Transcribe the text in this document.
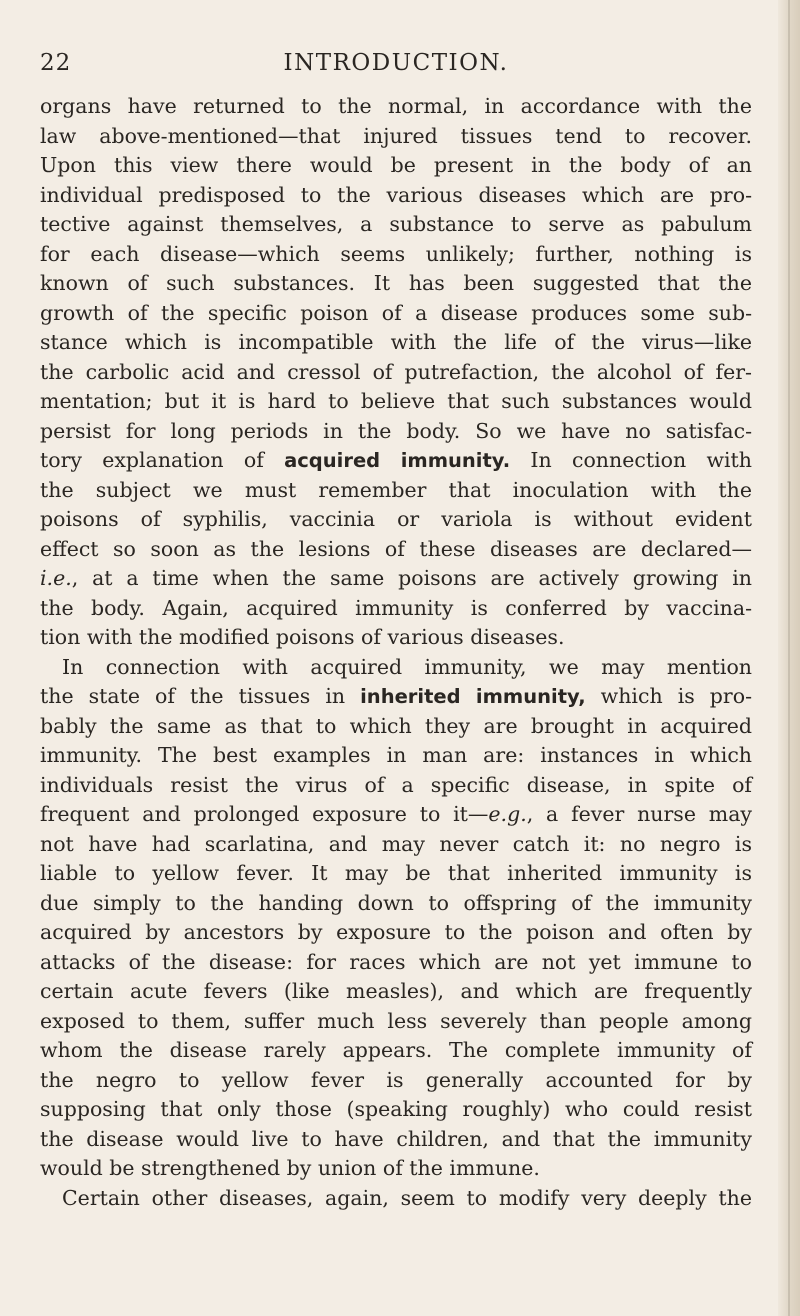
22	INTRODUCTION.
organs have returned to the normal, in accordance with the
law above-mentioned—that injured tissues tend to recover.
Upon this view there would be present in the body of an
individual predisposed to the various diseases which are pro-
tective against themselves, a substance to serve as pabulum
for each disease—which seems unlikely; further, nothing is
known of such substances. It has been suggested that the
growth of the specific poison of a disease produces some sub-
stance which is incompatible with the life of the virus—like
the carbolic acid and cressol of putrefaction, the alcohol of fer-
mentation; but it is hard to believe that such substances would
persist for long periods in the body. So we have no satisfac-
tory explanation of acquired immunity. In connection with
the subject we must remember that inoculation with the
poisons of syphilis, vaccinia or variola is without evident
effect so soon as the lesions of these diseases are declared—
i.e., at a time when the same poisons are actively growing in
the body. Again, acquired immunity is conferred by vaccina-
tion with the modified poisons of various diseases.
In connection with acquired immunity, we may mention
the state of the tissues in inherited immunity, which is pro-
bably the same as that to which they are brought in acquired
immunity. The best examples in man are: instances in which
individuals resist the virus of a specific disease, in spite of
frequent and prolonged exposure to it—e.g., a fever nurse may
not have had scarlatina, and may never catch it: no negro is
liable to yellow fever. It may be that inherited immunity is
due simply to the handing down to offspring of the immunity
acquired by ancestors by exposure to the poison and often by
attacks of the disease: for races which are not yet immune to
certain acute fevers (like measles), and which are frequently
exposed to them, suffer much less severely than people among
whom the disease rarely appears. The complete immunity of
the negro to yellow fever is generally accounted for by
supposing that only those (speaking roughly) who could resist
the disease would live to have children, and that the immunity
would be strengthened by union of the immune.
Certain other diseases, again, seem to modify very deeply the
